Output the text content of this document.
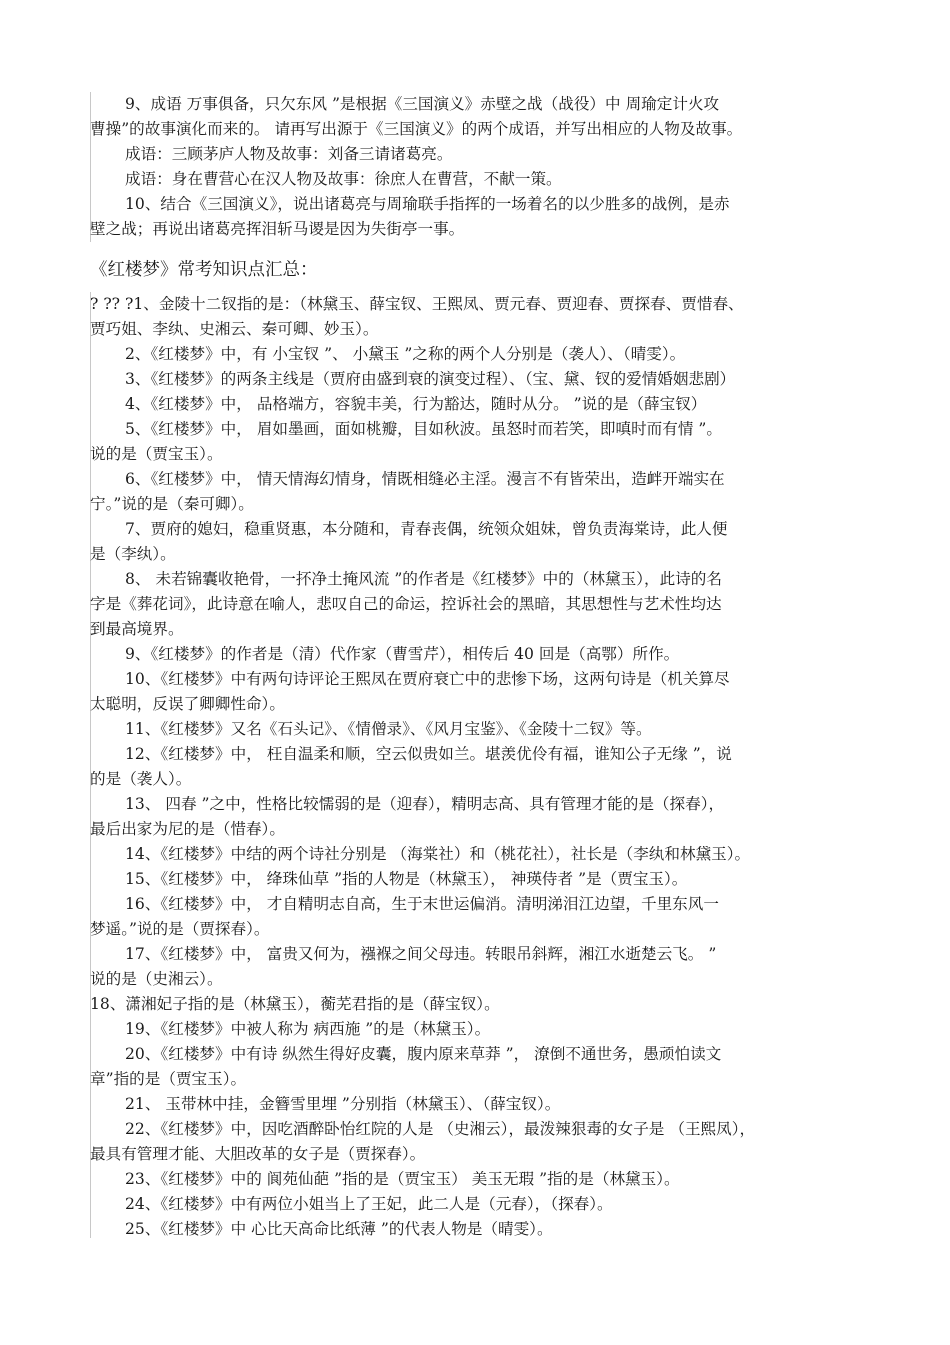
9、成语 万事俱备，只欠东风 ”是根据《三国演义》赤壁之战（战役）中 周瑜定计火攻
曹操”的故事演化而来的。 请再写出源于《三国演义》的两个成语，并写出相应的人物及故事。
成语：三顾茅庐人物及故事：刘备三请诸葛亮。
成语：身在曹营心在汉人物及故事：徐庶人在曹营，不献一策。
10、结合《三国演义》，说出诸葛亮与周瑜联手指挥的一场着名的以少胜多的战例，是赤
壁之战；再说出诸葛亮挥泪斩马谡是因为失街亭一事。
《红楼梦》常考知识点汇总：
? ?? ?1、金陵十二钗指的是：（林黛玉、薛宝钗、王熙凤、贾元春、贾迎春、贾探春、贾惜春、
贾巧姐、李纨、史湘云、秦可卿、妙玉）。
2、《红楼梦》中，有 小宝钗 ”、 小黛玉 ”之称的两个人分别是（袭人）、（晴雯）。
3、《红楼梦》的两条主线是（贾府由盛到衰的演变过程）、（宝、黛、钗的爱情婚姻悲剧）
4、《红楼梦》中， 品格端方，容貌丰美，行为豁达，随时从分。 ”说的是（薛宝钗）
5、《红楼梦》中， 眉如墨画，面如桃瓣，目如秋波。虽怒时而若笑，即嗔时而有情 ”。
说的是（贾宝玉）。
6、《红楼梦》中， 情天情海幻情身，情既相缝必主淫。漫言不有皆荣出，造衅开端实在
宁。”说的是（秦可卿）。
7、贾府的媳妇，稳重贤惠，本分随和，青春丧偶，统领众姐妹，曾负责海棠诗，此人便
是（李纨）。
8、 未若锦囊收艳骨，一抔净土掩风流 ”的作者是《红楼梦》中的（林黛玉），此诗的名
字是《葬花词》，此诗意在喻人，悲叹自己的命运，控诉社会的黑暗，其思想性与艺术性均达
到最高境界。
9、《红楼梦》的作者是（清）代作家（曹雪芹），相传后 40 回是（高鄂）所作。
10、《红楼梦》中有两句诗评论王熙凤在贾府衰亡中的悲惨下场，这两句诗是（机关算尽
太聪明，反误了卿卿性命）。
11、《红楼梦》又名《石头记》、《情僧录》、《风月宝鉴》、《金陵十二钗》等。
12、《红楼梦》中， 枉自温柔和顺，空云似贵如兰。堪羡优伶有福，谁知公子无缘 ”，说
的是（袭人）。
13、 四春 ”之中，性格比较懦弱的是（迎春），精明志高、具有管理才能的是（探春），
最后出家为尼的是（惜春）。
14、《红楼梦》中结的两个诗社分别是 （海棠社）和（桃花社），社长是（李纨和林黛玉）。
15、《红楼梦》中， 绛珠仙草 ”指的人物是（林黛玉）， 神瑛侍者 ”是（贾宝玉）。
16、《红楼梦》中， 才自精明志自高，生于末世运偏消。清明涕泪江边望，千里东风一
梦遥。”说的是（贾探春）。
17、《红楼梦》中， 富贵又何为，襁褓之间父母违。转眼吊斜辉，湘江水逝楚云飞。 ”
说的是（史湘云）。
18、潇湘妃子指的是（林黛玉），蘅芜君指的是（薛宝钗）。
19、《红楼梦》中被人称为 病西施 ”的是（林黛玉）。
20、《红楼梦》中有诗 纵然生得好皮囊，腹内原来草莽 ”， 潦倒不通世务，愚顽怕读文
章”指的是（贾宝玉）。
21、 玉带林中挂，金簪雪里埋 ”分别指（林黛玉）、（薛宝钗）。
22、《红楼梦》中，因吃酒醉卧怡红院的人是 （史湘云），最泼辣狠毒的女子是 （王熙凤），
最具有管理才能、大胆改革的女子是（贾探春）。
23、《红楼梦》中的 阆苑仙葩 ”指的是（贾宝玉） 美玉无瑕 ”指的是（林黛玉）。
24、《红楼梦》中有两位小姐当上了王妃，此二人是（元春），（探春）。
25、《红楼梦》中 心比天高命比纸薄 ”的代表人物是（晴雯）。
